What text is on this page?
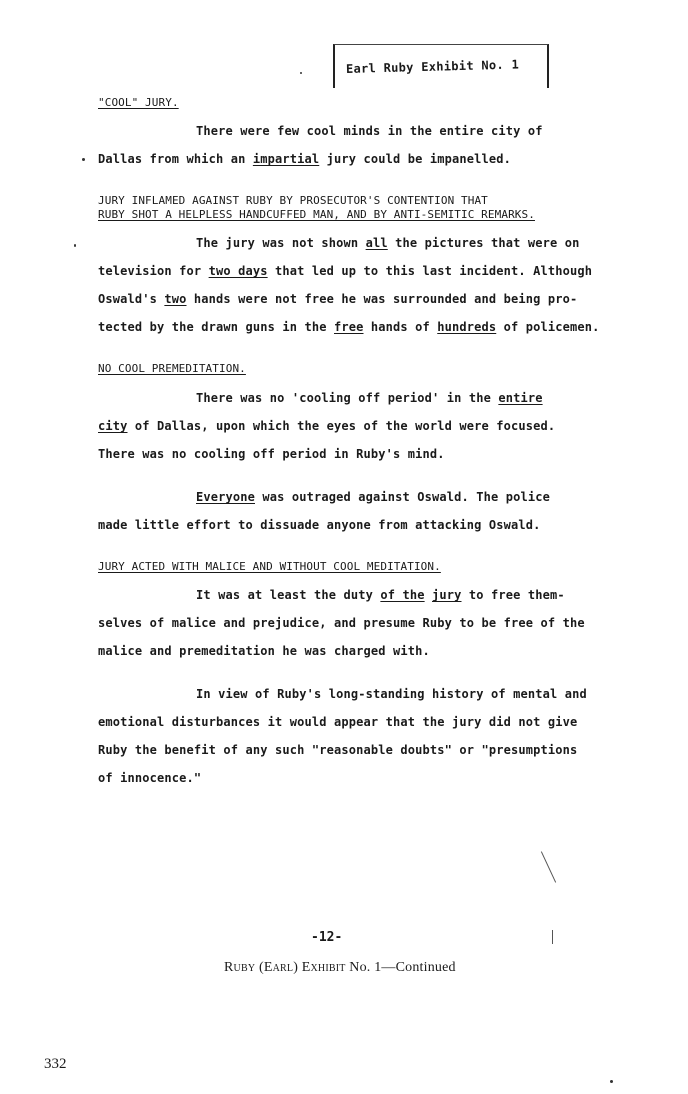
Earl Ruby Exhibit No. 1
"COOL" JURY.
There were few cool minds in the entire city of
Dallas from which an impartial jury could be impanelled.
JURY INFLAMED AGAINST RUBY BY PROSECUTOR'S CONTENTION THAT
RUBY SHOT A HELPLESS HANDCUFFED MAN, AND BY ANTI-SEMITIC REMARKS.
The jury was not shown all the pictures that were on
television for two days that led up to this last incident. Although
Oswald's two hands were not free he was surrounded and being pro-
tected by the drawn guns in the free hands of hundreds of policemen.
NO COOL PREMEDITATION.
There was no 'cooling off period' in the entire
city of Dallas, upon which the eyes of the world were focused.
There was no cooling off period in Ruby's mind.
Everyone was outraged against Oswald. The police
made little effort to dissuade anyone from attacking Oswald.
JURY ACTED WITH MALICE AND WITHOUT COOL MEDITATION.
It was at least the duty of the jury to free them-
selves of malice and prejudice, and presume Ruby to be free of the
malice and premeditation he was charged with.
In view of Ruby's long-standing history of mental and
emotional disturbances it would appear that the jury did not give
Ruby the benefit of any such "reasonable doubts" or "presumptions
of innocence."
-12-
Ruby (Earl) Exhibit No. 1—Continued
332
